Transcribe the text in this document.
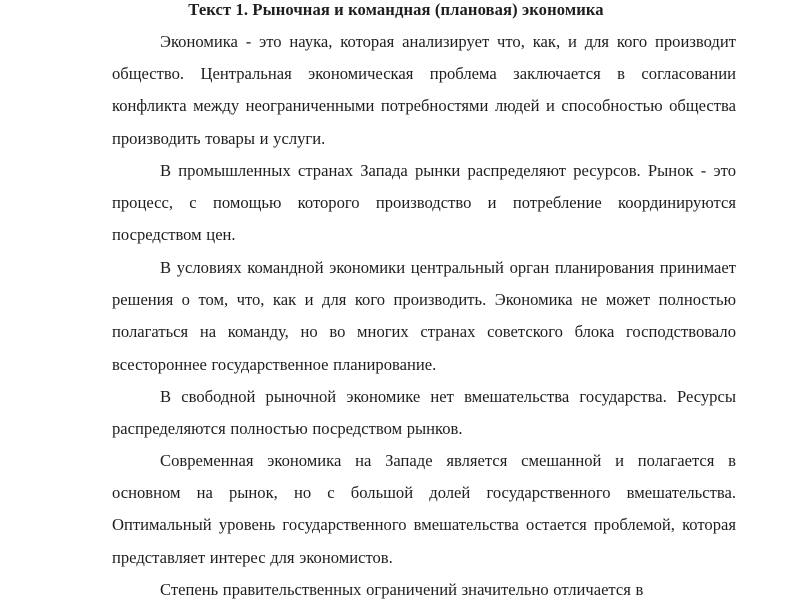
Текст 1. Рыночная и командная (плановая) экономика

Экономика - это наука, которая анализирует что, как, и для кого производит общество. Центральная экономическая проблема заключается в согласовании конфликта между неограниченными потребностями людей и способностью общества производить товары и услуги.

В промышленных странах Запада рынки распределяют ресурсов. Рынок - это процесс, с помощью которого производство и потребление координируются посредством цен.

В условиях командной экономики центральный орган планирования принимает решения о том, что, как и для кого производить. Экономика не может полностью полагаться на команду, но во многих странах советского блока господствовало всестороннее государственное планирование.

В свободной рыночной экономике нет вмешательства государства. Ресурсы распределяются полностью посредством рынков.

Современная экономика на Западе является смешанной и полагается в основном на рынок, но с большой долей государственного вмешательства. Оптимальный уровень государственного вмешательства остается проблемой, которая представляет интерес для экономистов.

Степень правительственных ограничений значительно отличается в
